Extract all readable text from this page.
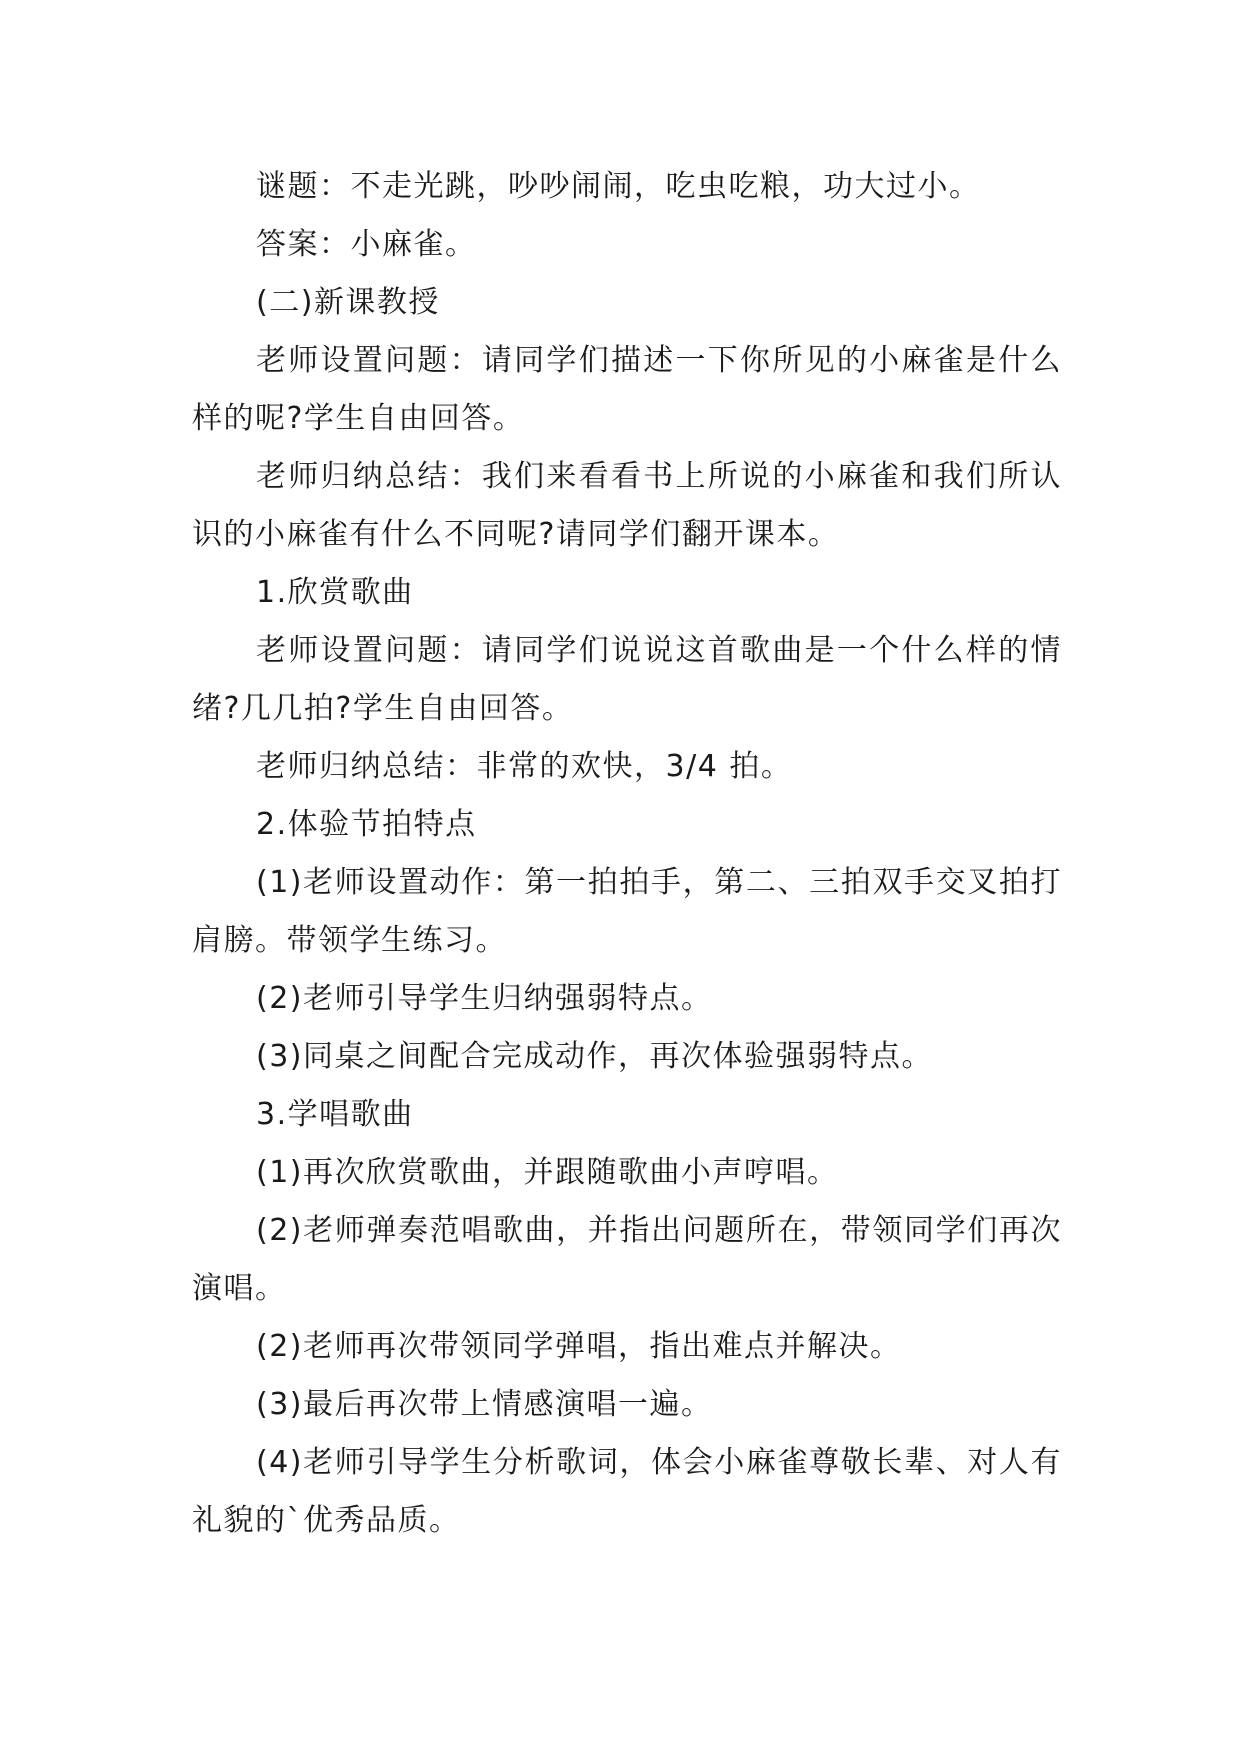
谜题：不走光跳，吵吵闹闹，吃虫吃粮，功大过小。

答案：小麻雀。

(二)新课教授

老师设置问题：请同学们描述一下你所见的小麻雀是什么样的呢?学生自由回答。

老师归纳总结：我们来看看书上所说的小麻雀和我们所认识的小麻雀有什么不同呢?请同学们翻开课本。

1.欣赏歌曲

老师设置问题：请同学们说说这首歌曲是一个什么样的情绪?几几拍?学生自由回答。

老师归纳总结：非常的欢快，3/4 拍。

2.体验节拍特点

(1)老师设置动作：第一拍拍手，第二、三拍双手交叉拍打肩膀。带领学生练习。

(2)老师引导学生归纳强弱特点。

(3)同桌之间配合完成动作，再次体验强弱特点。

3.学唱歌曲

(1)再次欣赏歌曲，并跟随歌曲小声哼唱。

(2)老师弹奏范唱歌曲，并指出问题所在，带领同学们再次演唱。

(2)老师再次带领同学弹唱，指出难点并解决。

(3)最后再次带上情感演唱一遍。

(4)老师引导学生分析歌词，体会小麻雀尊敬长辈、对人有礼貌的`优秀品质。
